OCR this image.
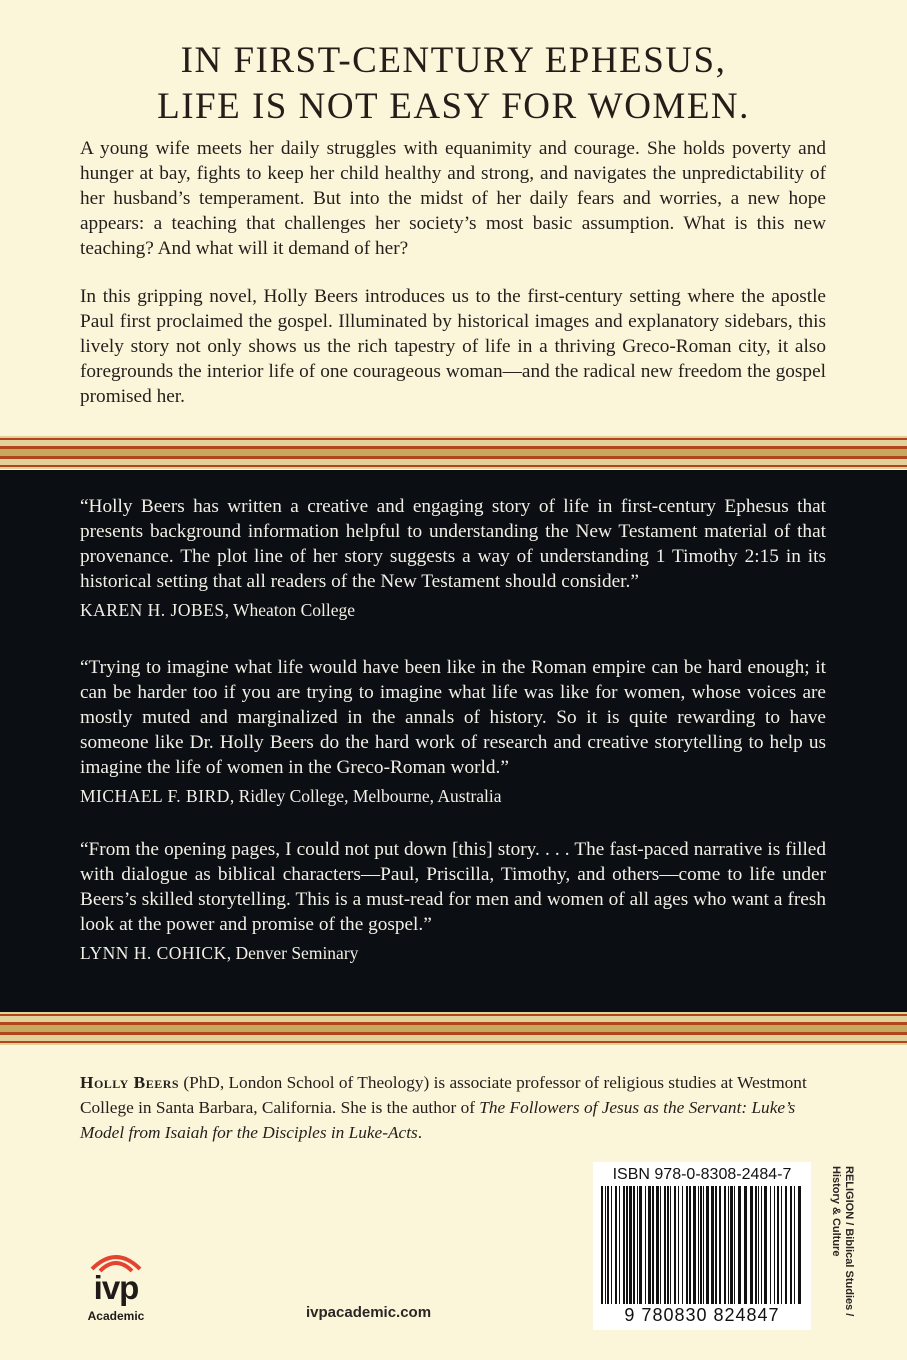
IN FIRST-CENTURY EPHESUS,
LIFE IS NOT EASY FOR WOMEN.

A young wife meets her daily struggles with equanimity and courage. She holds poverty and hunger at bay, fights to keep her child healthy and strong, and navigates the unpredictability of her husband’s temperament. But into the midst of her daily fears and worries, a new hope appears: a teaching that challenges her society’s most basic assumption. What is this new teaching? And what will it demand of her?

In this gripping novel, Holly Beers introduces us to the first-century setting where the apostle Paul first proclaimed the gospel. Illuminated by historical images and explanatory sidebars, this lively story not only shows us the rich tapestry of life in a thriving Greco-Roman city, it also foregrounds the interior life of one courageous woman—and the radical new freedom the gospel promised her.

“Holly Beers has written a creative and engaging story of life in first-century Ephesus that presents background information helpful to understanding the New Testament material of that provenance. The plot line of her story suggests a way of understanding 1 Timothy 2:15 in its historical setting that all readers of the New Testament should consider.”

KAREN H. JOBES, Wheaton College

“Trying to imagine what life would have been like in the Roman empire can be hard enough; it can be harder too if you are trying to imagine what life was like for women, whose voices are mostly muted and marginalized in the annals of history. So it is quite rewarding to have someone like Dr. Holly Beers do the hard work of research and creative storytelling to help us imagine the life of women in the Greco-Roman world.”

MICHAEL F. BIRD, Ridley College, Melbourne, Australia

“From the opening pages, I could not put down [this] story. . . . The fast-paced narrative is filled with dialogue as biblical characters—Paul, Priscilla, Timothy, and others—come to life under Beers’s skilled storytelling. This is a must-read for men and women of all ages who want a fresh look at the power and promise of the gospel.”

LYNN H. COHICK, Denver Seminary

Holly Beers (PhD, London School of Theology) is associate professor of religious studies at Westmont College in Santa Barbara, California. She is the author of The Followers of Jesus as the Servant: Luke’s Model from Isaiah for the Disciples in Luke-Acts.

ISBN 978-0-8308-2484-7
9 780830 824847	RELIGION / Biblical Studies /
History & Culture

ivp
Academic	ivpacademic.com
